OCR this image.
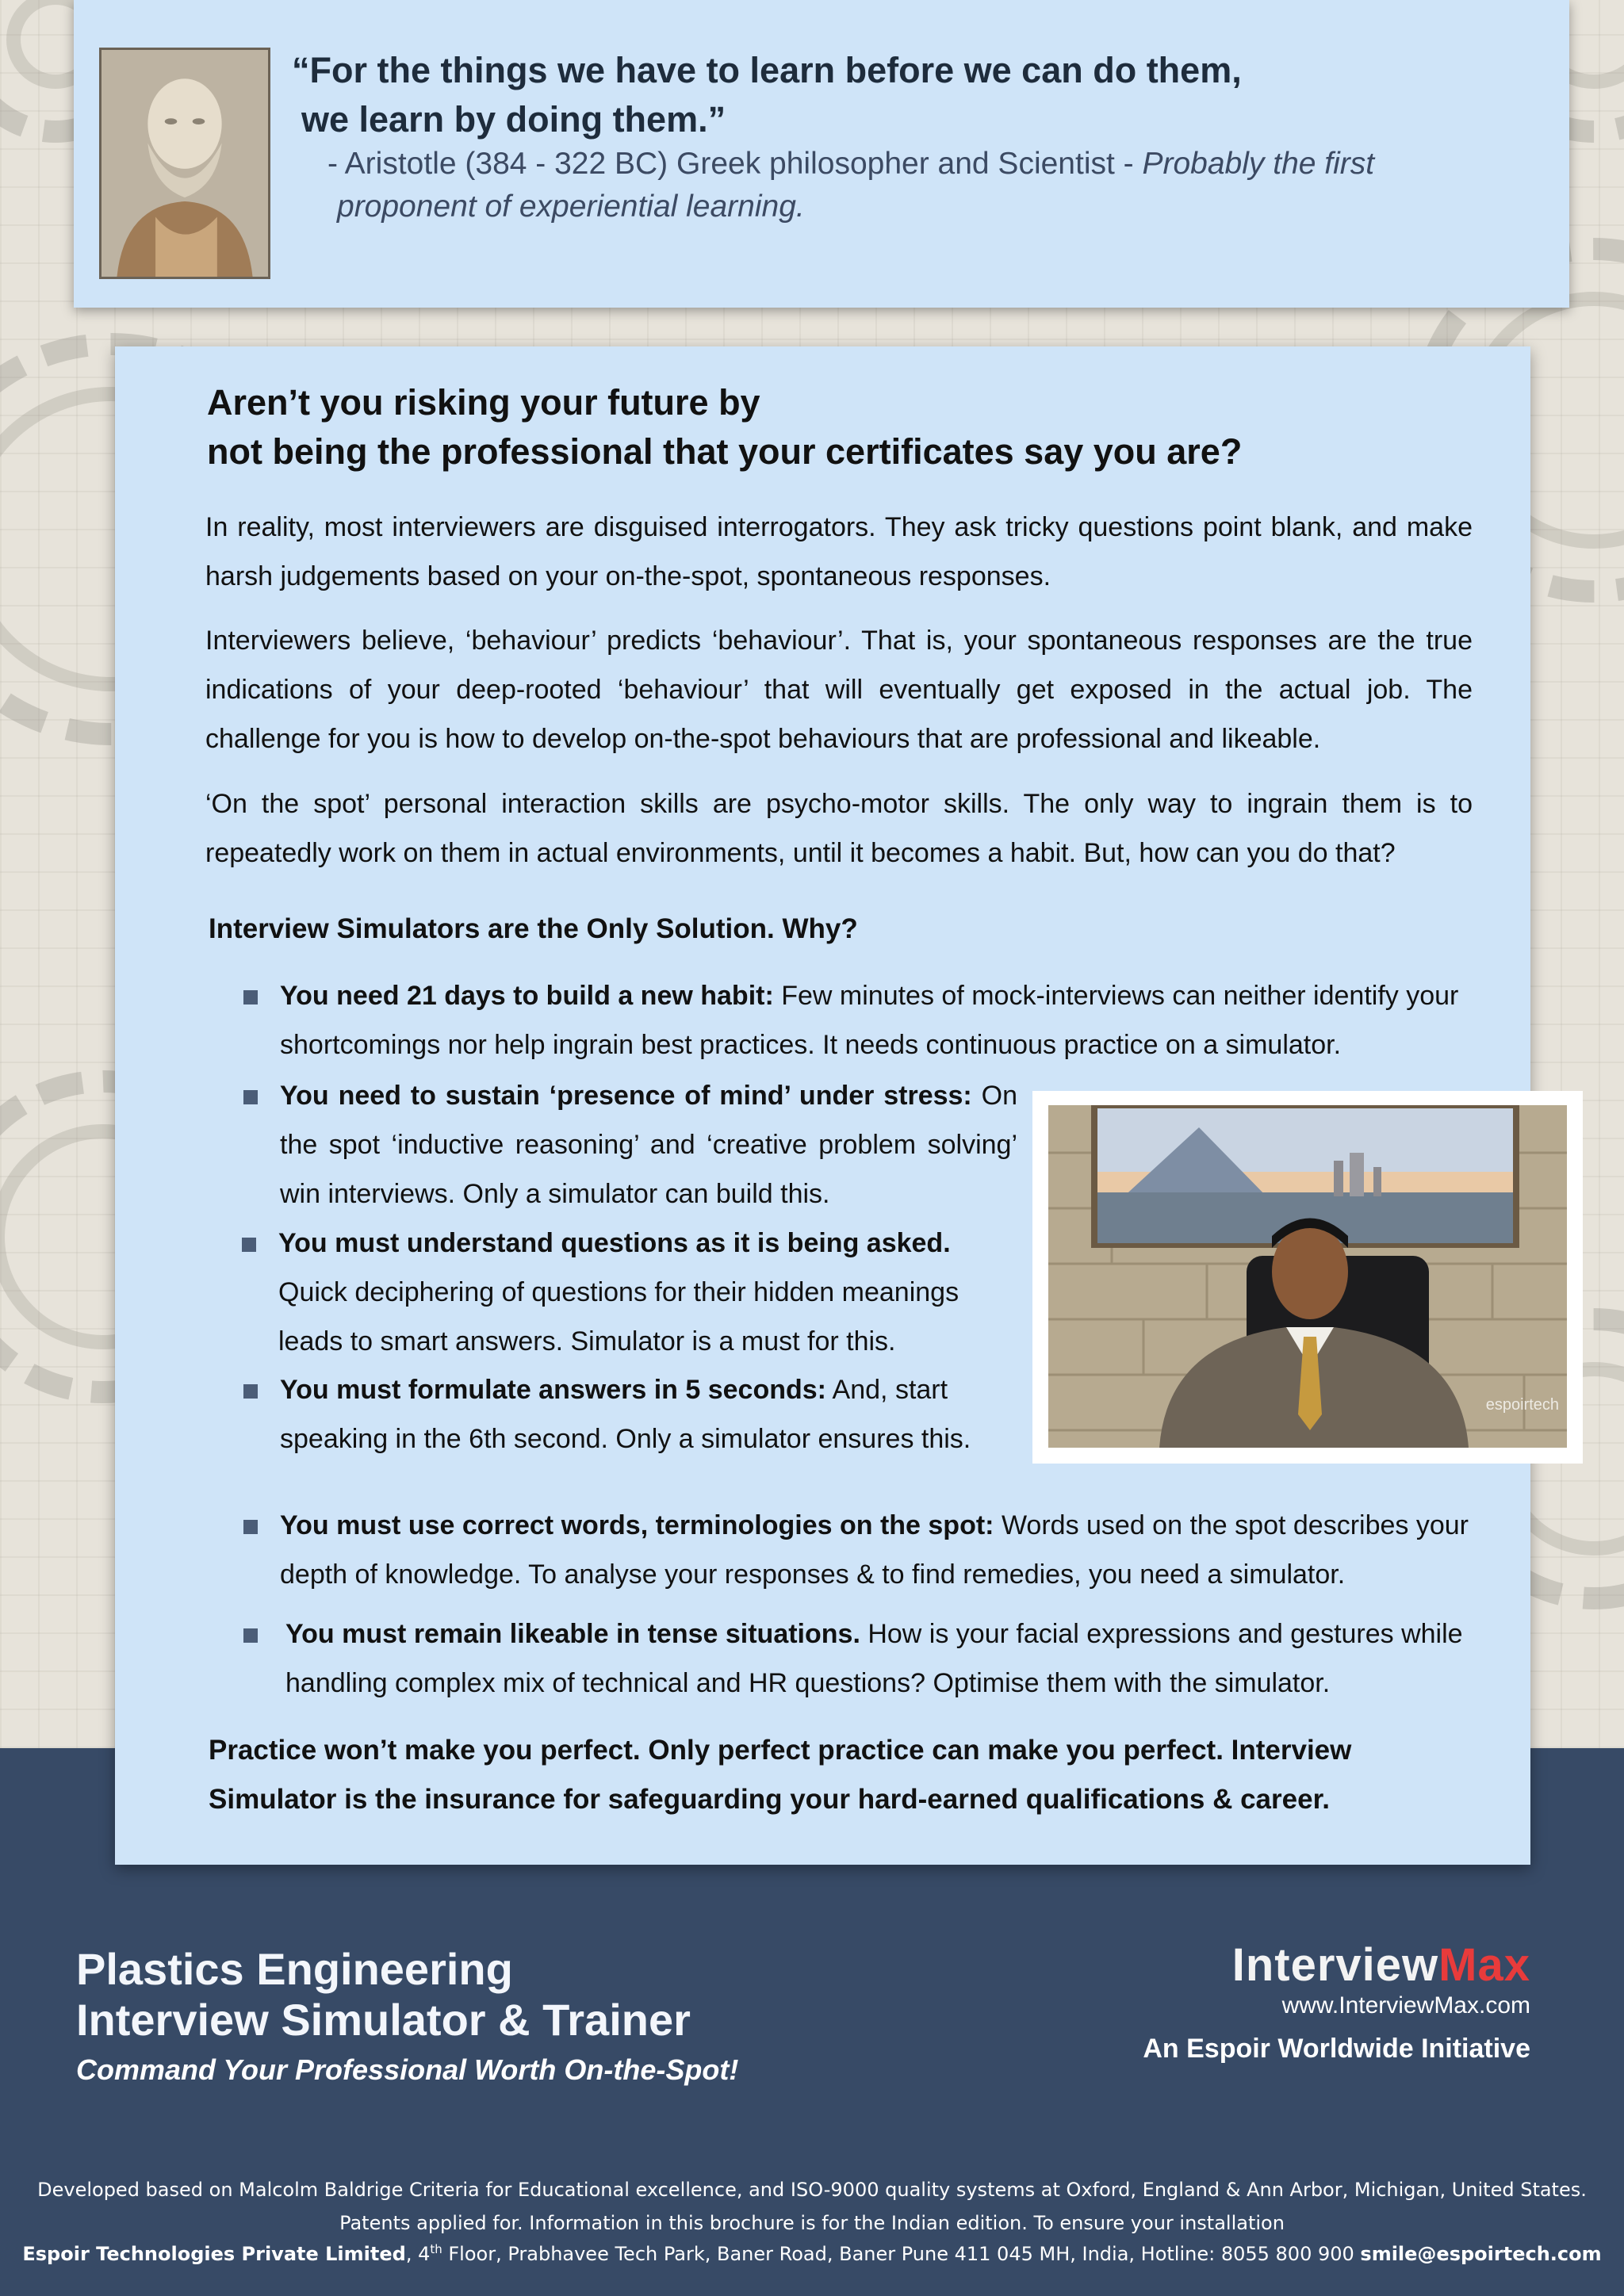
“For the things we have to learn before we can do them,
we learn by doing them.”
- Aristotle (384 - 322 BC) Greek philosopher and Scientist - Probably the first
proponent of experiential learning.
Aren’t you risking your future by
not being the professional that your certificates say you are?
In reality, most interviewers are disguised interrogators. They ask tricky questions point blank, and make harsh judgements based on your on-the-spot, spontaneous responses.
Interviewers believe, ‘behaviour’ predicts ‘behaviour’. That is, your spontaneous responses are the true indications of your deep-rooted ‘behaviour’ that will eventually get exposed in the actual job. The challenge for you is how to develop on-the-spot behaviours that are professional and likeable.
‘On the spot’ personal interaction skills are psycho-motor skills. The only way to ingrain them is to repeatedly work on them in actual environments, until it becomes a habit. But, how can you do that?
Interview Simulators are the Only Solution. Why?
You need 21 days to build a new habit: Few minutes of mock-interviews can neither identify your shortcomings nor help ingrain best practices. It needs continuous practice on a simulator.
You need to sustain ‘presence of mind’ under stress: On the spot ‘inductive reasoning’ and ‘creative problem solving’ win interviews. Only a simulator can build this.
You must understand questions as it is being asked. Quick deciphering of questions for their hidden meanings leads to smart answers. Simulator is a must for this.
You must formulate answers in 5 seconds: And, start speaking in the 6th second. Only a simulator ensures this.
You must use correct words, terminologies on the spot: Words used on the spot describes your depth of knowledge. To analyse your responses & to find remedies, you need a simulator.
You must remain likeable in tense situations. How is your facial expressions and gestures while handling complex mix of technical and HR questions? Optimise them with the simulator.
Practice won’t make you perfect. Only perfect practice can make you perfect. Interview Simulator is the insurance for safeguarding your hard-earned qualifications & career.
espoirtech
Plastics Engineering
Interview Simulator & Trainer
Command Your Professional Worth On-the-Spot!
InterviewMax
www.InterviewMax.com
An Espoir Worldwide Initiative
Developed based on Malcolm Baldrige Criteria for Educational excellence, and ISO-9000 quality systems at Oxford, England & Ann Arbor, Michigan, United States.
Patents applied for. Information in this brochure is for the Indian edition. To ensure your installation
Espoir Technologies Private Limited, 4th Floor, Prabhavee Tech Park, Baner Road, Baner Pune 411 045 MH, India, Hotline: 8055 800 900 smile@espoirtech.com
